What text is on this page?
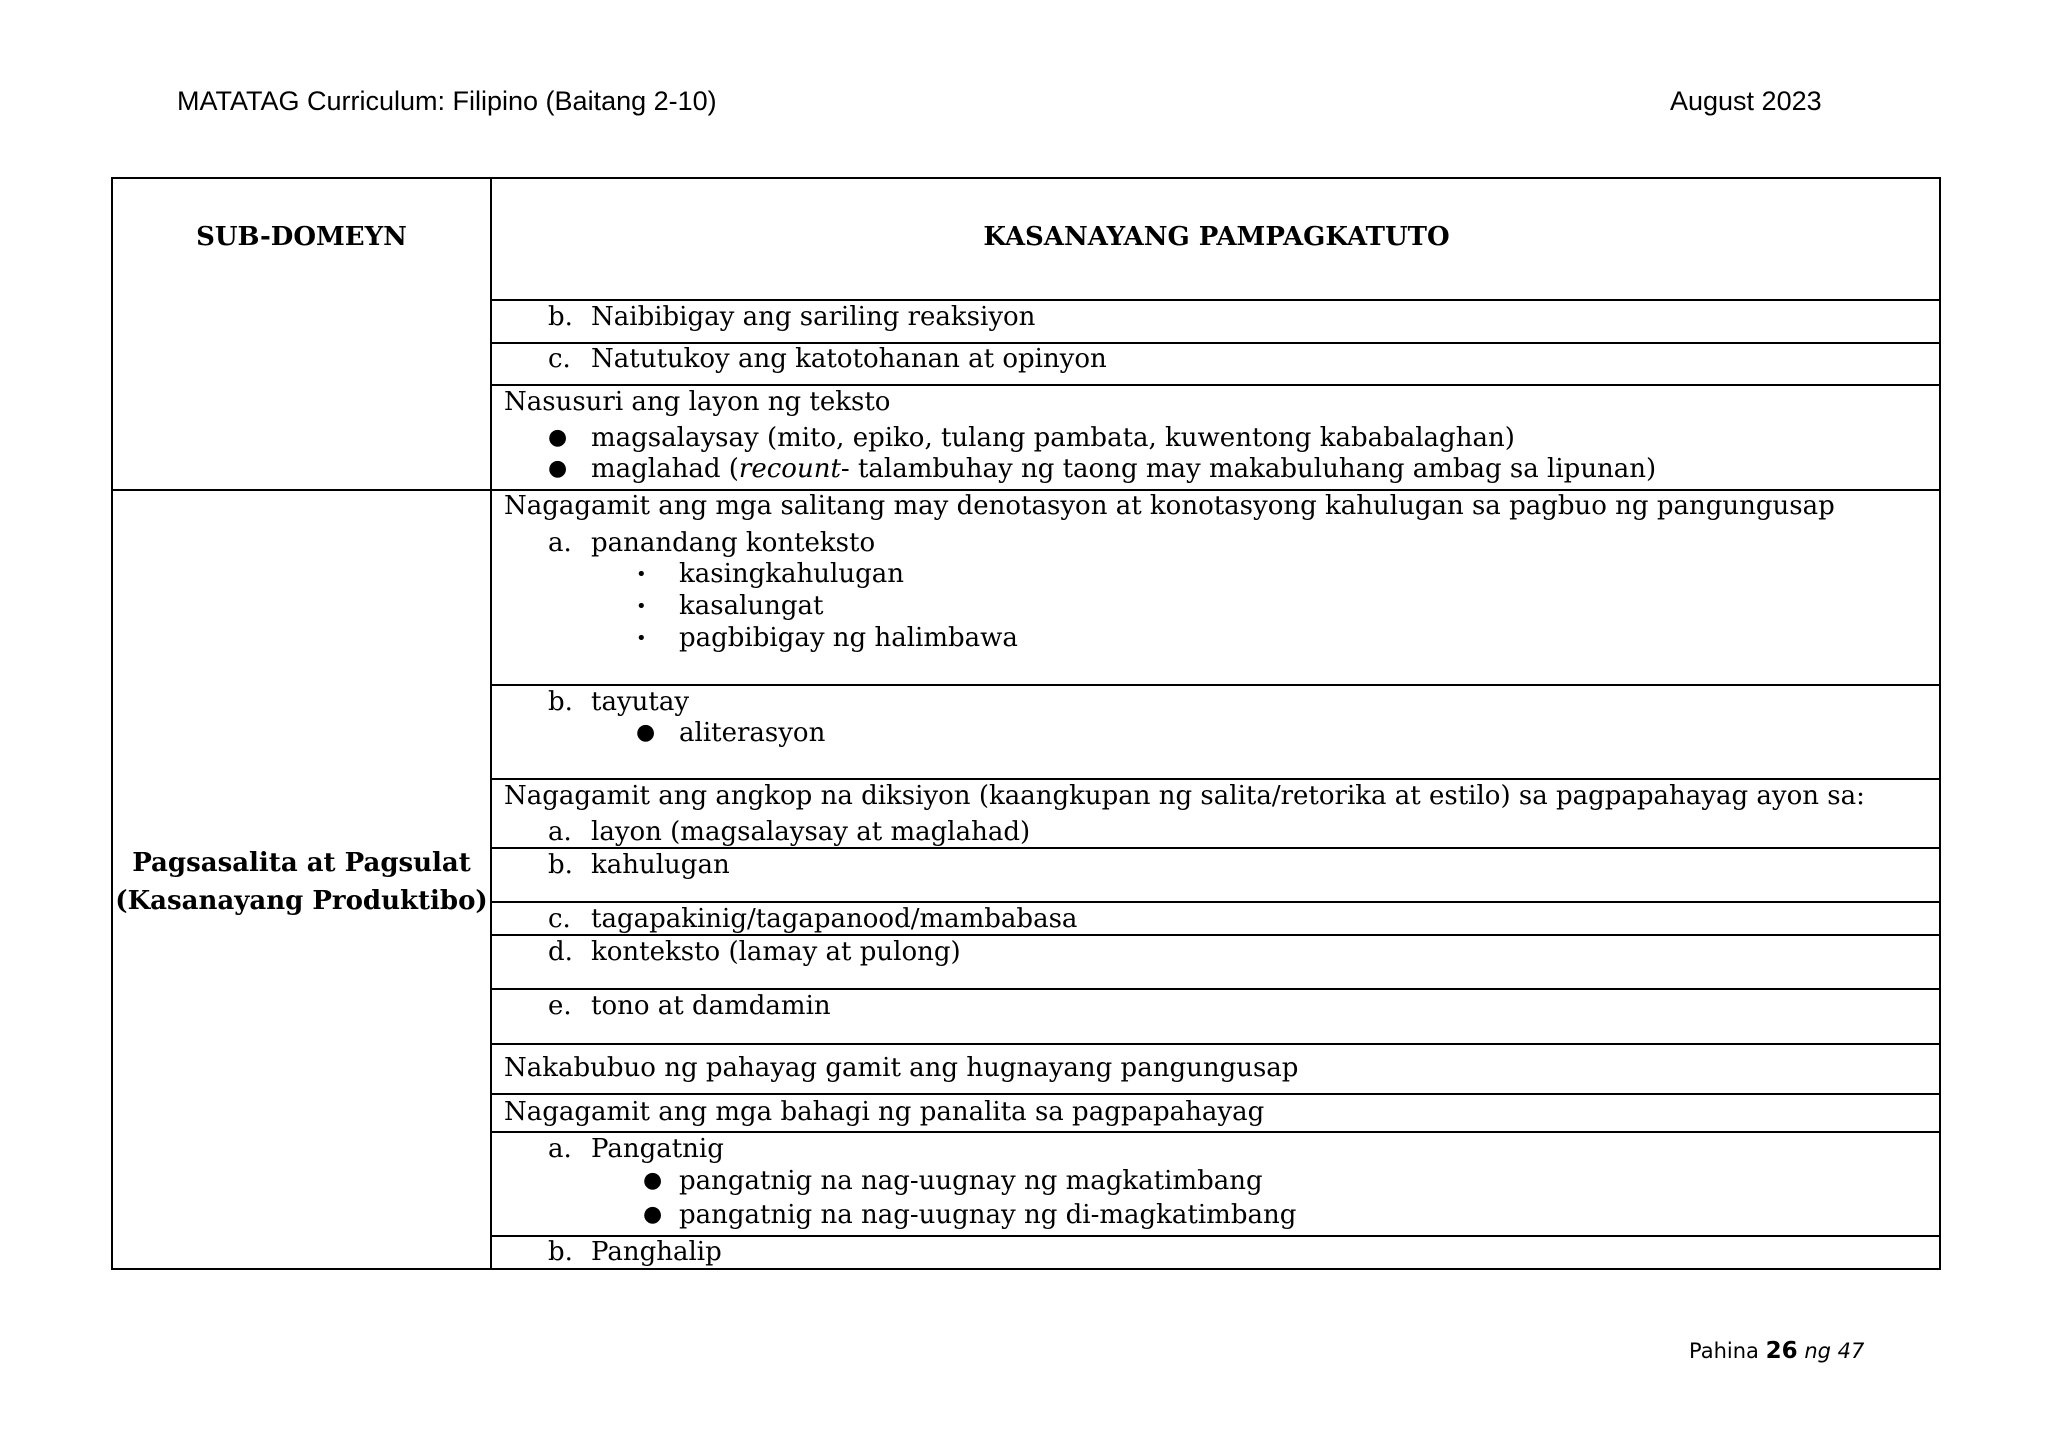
MATATAG Curriculum: Filipino (Baitang 2-10)	August 2023
SUB-DOMEYN	KASANAYANG PAMPAGKATUTO
Pagsasalita at Pagsulat
(Kasanayang Produktibo)
b. Naibibigay ang sariling reaksiyon
c. Natutukoy ang katotohanan at opinyon
Nasusuri ang layon ng teksto
● magsalaysay (mito, epiko, tulang pambata, kuwentong kababalaghan)
● maglahad (recount- talambuhay ng taong may makabuluhang ambag sa lipunan)
Nagagamit ang mga salitang may denotasyon at konotasyong kahulugan sa pagbuo ng pangungusap
a. panandang konteksto
• kasingkahulugan
• kasalungat
• pagbibigay ng halimbawa
b. tayutay
● aliterasyon
Nagagamit ang angkop na diksiyon (kaangkupan ng salita/retorika at estilo) sa pagpapahayag ayon sa:
a. layon (magsalaysay at maglahad)
b. kahulugan
c. tagapakinig/tagapanood/mambabasa
d. konteksto (lamay at pulong)
e. tono at damdamin
Nakabubuo ng pahayag gamit ang hugnayang pangungusap
Nagagamit ang mga bahagi ng panalita sa pagpapahayag
a. Pangatnig
● pangatnig na nag-uugnay ng magkatimbang
● pangatnig na nag-uugnay ng di-magkatimbang
b. Panghalip
Pahina 26 ng 47
